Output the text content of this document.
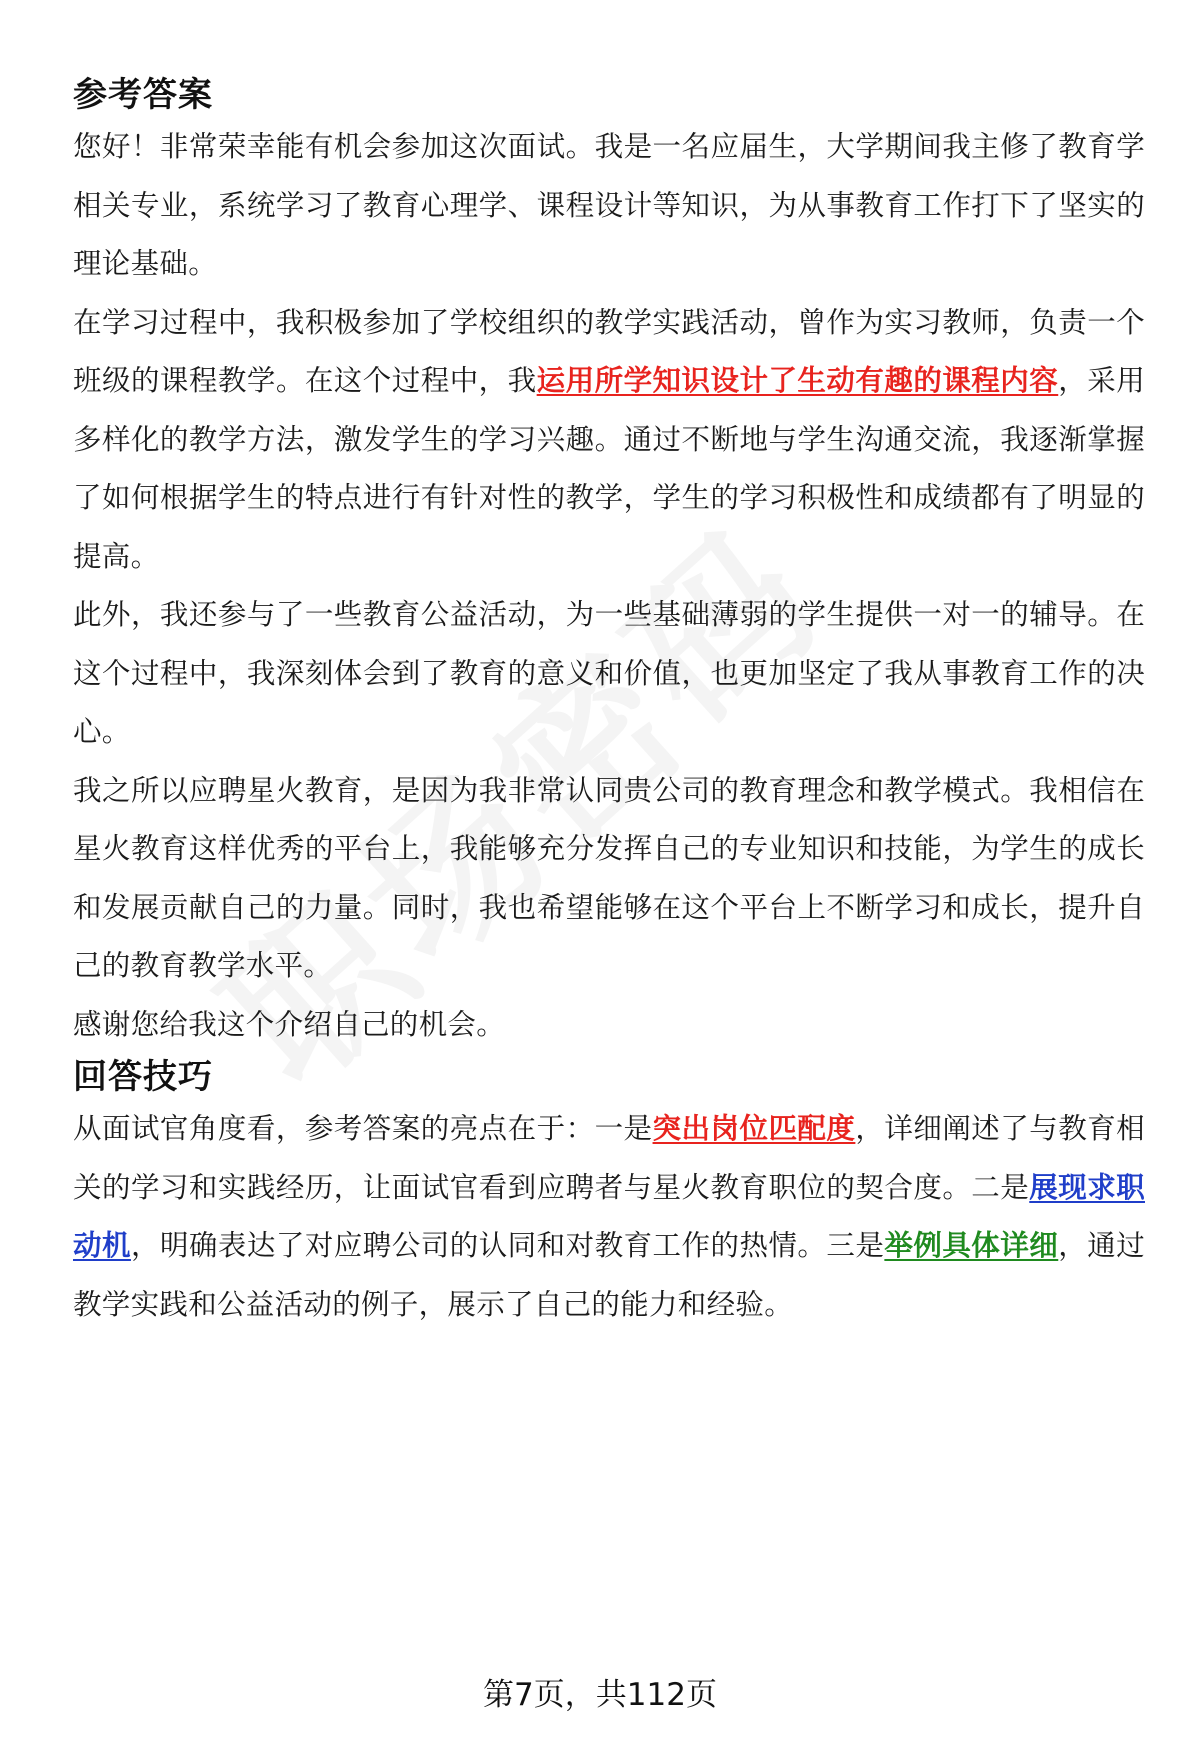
参考答案

您好！非常荣幸能有机会参加这次面试。我是一名应届生，大学期间我主修了教育学相关专业，系统学习了教育心理学、课程设计等知识，为从事教育工作打下了坚实的理论基础。

在学习过程中，我积极参加了学校组织的教学实践活动，曾作为实习教师，负责一个班级的课程教学。在这个过程中，我运用所学知识设计了生动有趣的课程内容，采用多样化的教学方法，激发学生的学习兴趣。通过不断地与学生沟通交流，我逐渐掌握了如何根据学生的特点进行有针对性的教学，学生的学习积极性和成绩都有了明显的提高。

此外，我还参与了一些教育公益活动，为一些基础薄弱的学生提供一对一的辅导。在这个过程中，我深刻体会到了教育的意义和价值，也更加坚定了我从事教育工作的决心。

我之所以应聘星火教育，是因为我非常认同贵公司的教育理念和教学模式。我相信在星火教育这样优秀的平台上，我能够充分发挥自己的专业知识和技能，为学生的成长和发展贡献自己的力量。同时，我也希望能够在这个平台上不断学习和成长，提升自己的教育教学水平。

感谢您给我这个介绍自己的机会。

回答技巧

从面试官角度看，参考答案的亮点在于：一是突出岗位匹配度，详细阐述了与教育相关的学习和实践经历，让面试官看到应聘者与星火教育职位的契合度。二是展现求职动机，明确表达了对应聘公司的认同和对教育工作的热情。三是举例具体详细，通过教学实践和公益活动的例子，展示了自己的能力和经验。

第7页，共112页
